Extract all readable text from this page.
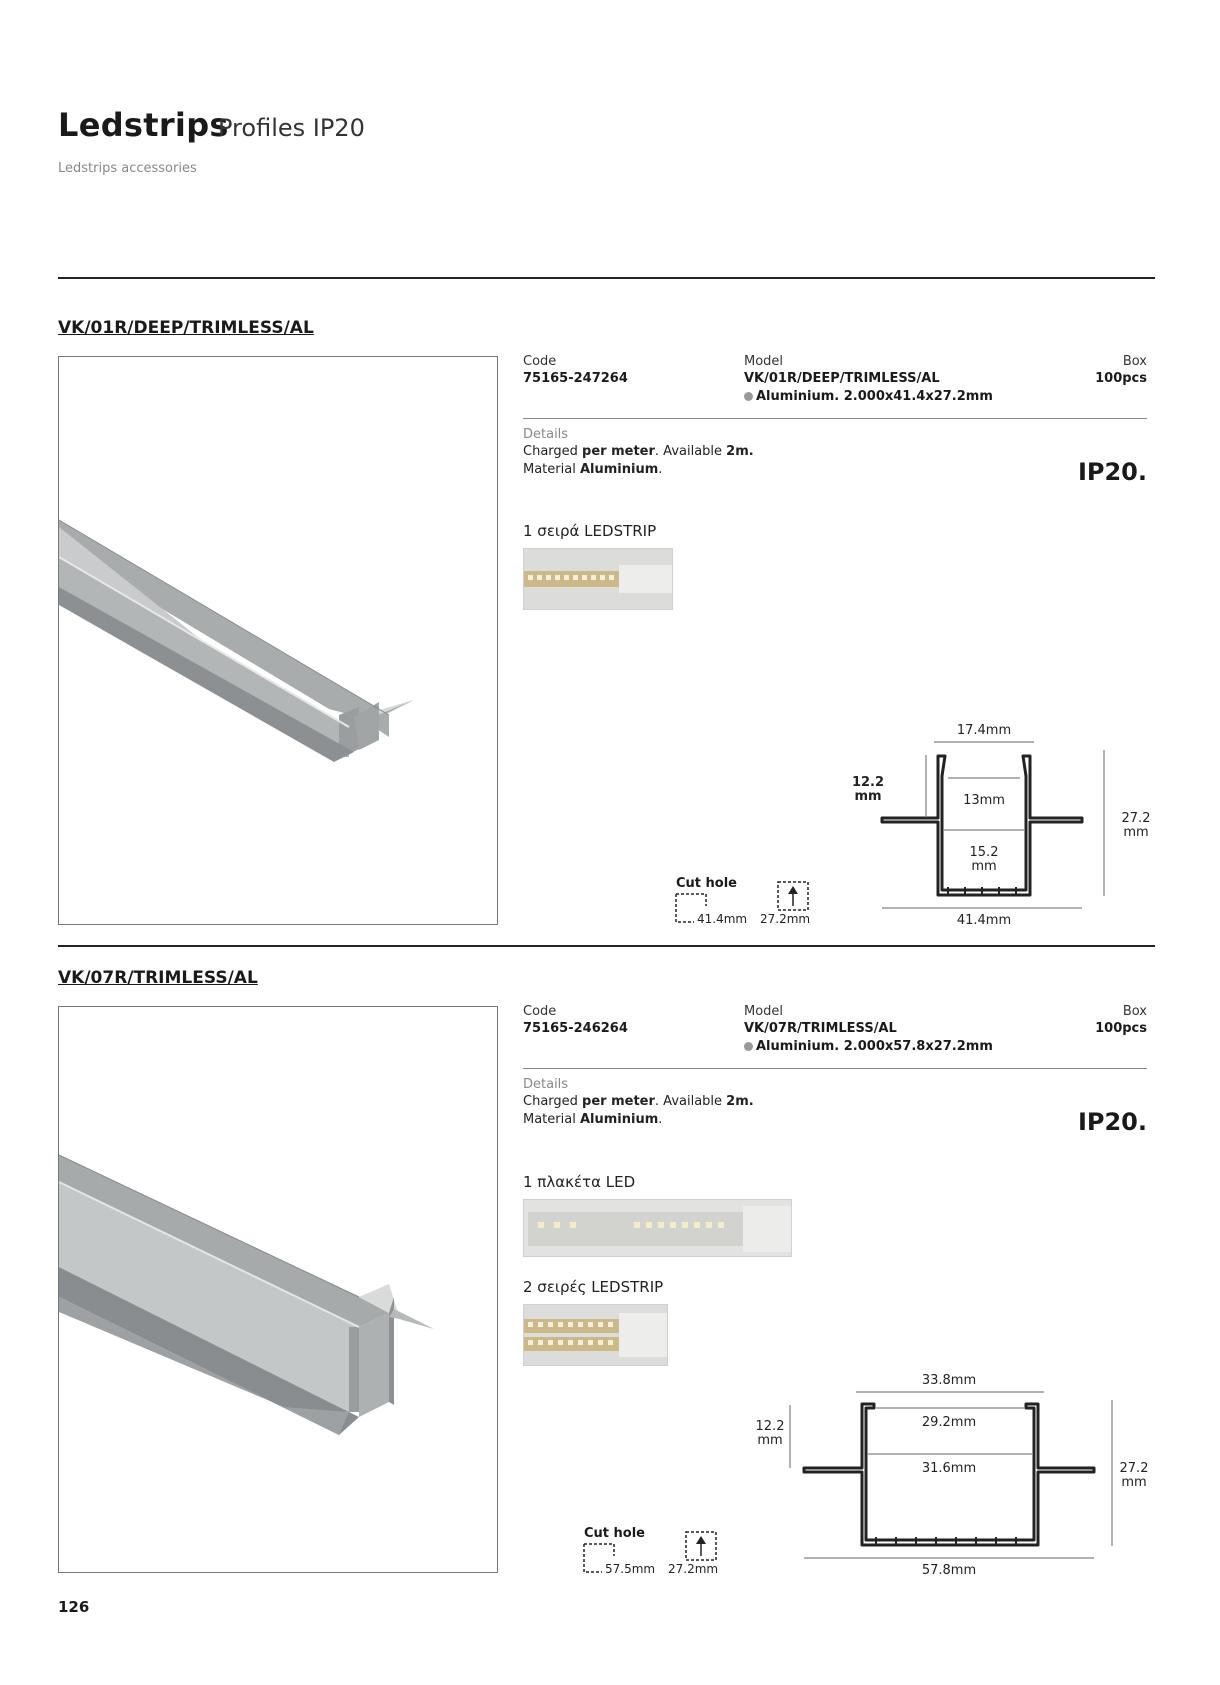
Ledstrips
Profiles IP20
Ledstrips accessories
VK/01R/DEEP/TRIMLESS/AL
Code
75165-247264
Model
VK/01R/DEEP/TRIMLESS/AL
Aluminium. 2.000x41.4x27.2mm
Box
100pcs
Details
Charged per meter. Available 2m.
Material Aluminium.	IP20.
1 σειρά LEDSTRIP
Cut hole
41.4mm 27.2mm
17.4mm
12.2
mm	13mm
15.2
mm
27.2
mm
41.4mm
VK/07R/TRIMLESS/AL
Code
75165-246264
Model
VK/07R/TRIMLESS/AL
Aluminium. 2.000x57.8x27.2mm
Box
100pcs
Details
Charged per meter. Available 2m.
Material Aluminium.	IP20.
1 πλακέτα LED
2 σειρές LEDSTRIP
Cut hole
57.5mm 27.2mm
33.8mm
12.2
mm
29.2mm
31.6mm	27.2
mm
57.8mm
126
